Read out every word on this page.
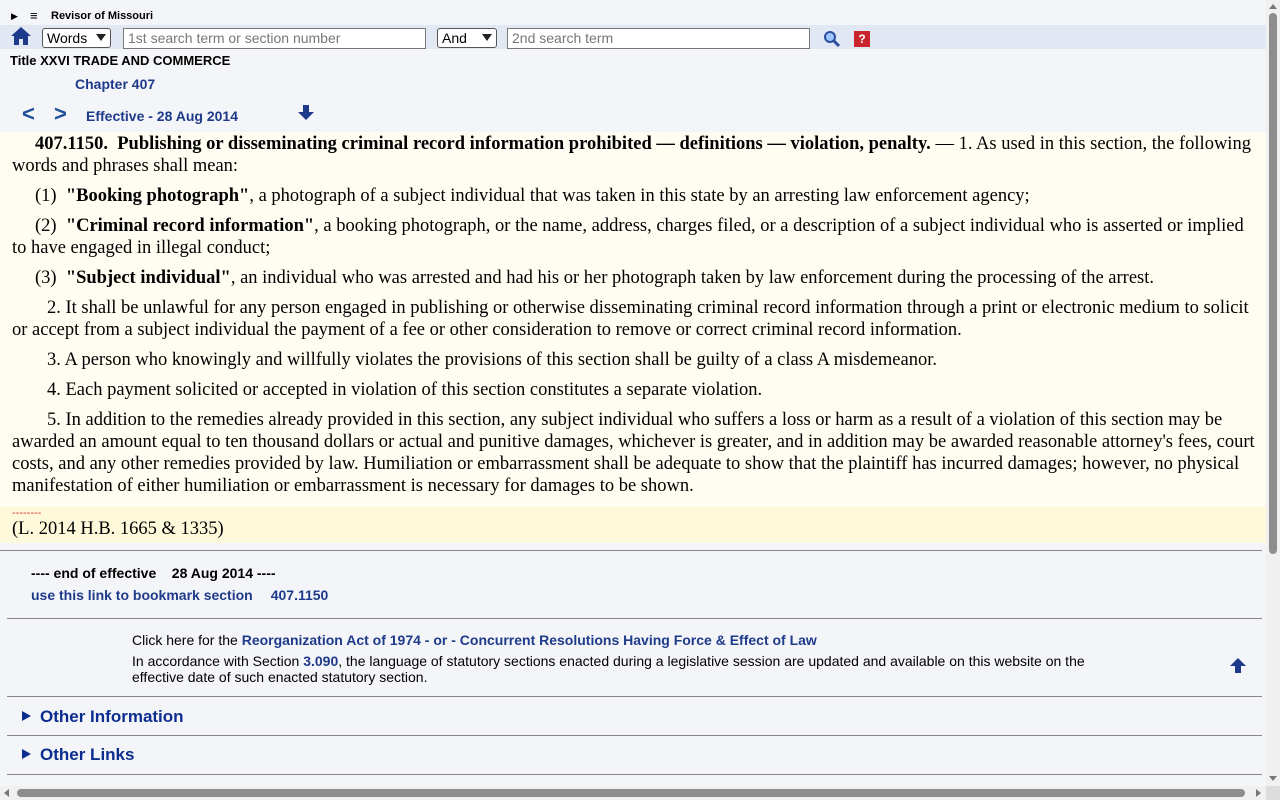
▶ ≡ Revisor of Missouri
Words	1st search term or section number	And	2nd search term	?
Title XXVI TRADE AND COMMERCE
Chapter 407
< > Effective - 28 Aug 2014
407.1150. Publishing or disseminating criminal record information prohibited — definitions — violation, penalty. — 1. As used in this section, the following words and phrases shall mean:
(1) "Booking photograph", a photograph of a subject individual that was taken in this state by an arresting law enforcement agency;
(2) "Criminal record information", a booking photograph, or the name, address, charges filed, or a description of a subject individual who is asserted or implied to have engaged in illegal conduct;
(3) "Subject individual", an individual who was arrested and had his or her photograph taken by law enforcement during the processing of the arrest.
2. It shall be unlawful for any person engaged in publishing or otherwise disseminating criminal record information through a print or electronic medium to solicit or accept from a subject individual the payment of a fee or other consideration to remove or correct criminal record information.
3. A person who knowingly and willfully violates the provisions of this section shall be guilty of a class A misdemeanor.
4. Each payment solicited or accepted in violation of this section constitutes a separate violation.
5. In addition to the remedies already provided in this section, any subject individual who suffers a loss or harm as a result of a violation of this section may be awarded an amount equal to ten thousand dollars or actual and punitive damages, whichever is greater, and in addition may be awarded reasonable attorney's fees, court costs, and any other remedies provided by law. Humiliation or embarrassment shall be adequate to show that the plaintiff has incurred damages; however, no physical manifestation of either humiliation or embarrassment is necessary for damages to be shown.
--------
(L. 2014 H.B. 1665 & 1335)
---- end of effective 28 Aug 2014 ----
use this link to bookmark section 407.1150
Click here for the Reorganization Act of 1974 - or - Concurrent Resolutions Having Force & Effect of Law
In accordance with Section 3.090, the language of statutory sections enacted during a legislative session are updated and available on this website on the effective date of such enacted statutory section.
Other Information
Other Links
